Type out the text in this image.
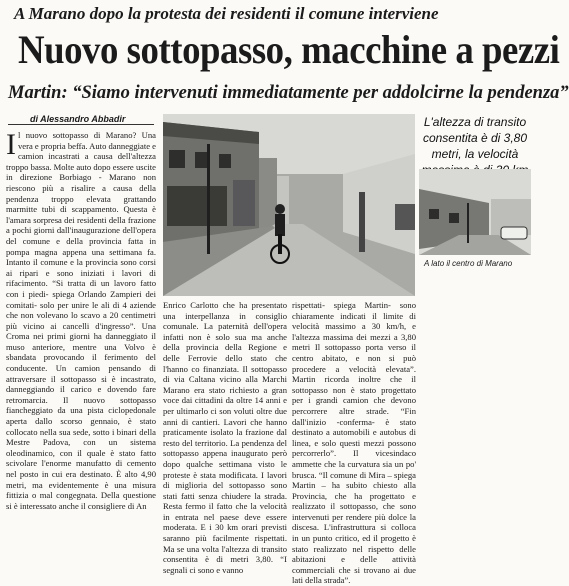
A Marano dopo la protesta dei residenti il comune interviene
Nuovo sottopasso, macchine a pezzi
Martin: “Siamo intervenuti immediatamente per addolcirne la pendenza”
di Alessandro Abbadir
I l nuovo sottopasso di Marano? Una vera e propria beffa. Auto danneggiate e camion incastrati a causa dell'altezza troppo bassa. Molte auto dopo essere uscite in direzione Borbiago - Marano non riescono più a risalire a causa della pendenza troppo elevata grattando marmitte tubi di scappamento. Questa è l'amara sorpresa dei residenti della frazione a pochi giorni dall'inaugurazione dell'opera del comune e della provincia fatta in pompa magna appena una settimana fa. Intanto il comune e la provincia sono corsi ai ripari e sono iniziati i lavori di rifacimento. “Si tratta di un lavoro fatto con i piedi- spiega Orlando Zampieri dei comitati- solo per unire le ali di 4 aziende che non volevano lo scavo a 20 centimetri più vicino ai cancelli d'ingresso”. Una Croma nei primi giorni ha danneggiato il muso anteriore, mentre una Volvo è sbandata provocando il ferimento del conducente. Un camion pensando di attraversare il sottopasso si è incastrato, danneggiando il carico e dovendo fare retromarcia. Il nuovo sottopasso fiancheggiato da una pista ciclopedonale aperta dallo scorso gennaio, è stato collocato nella sua sede, sotto i binari della Mestre Padova, con un sistema oleodinamico, con il quale è stato fatto scivolare l'enorme manufatto di cemento nel posto in cui era destinato. È alto 4,90 metri, ma evidentemente è una misura fittizia o mal congegnata. Della questione si è interessato anche il consigliere di An
L'altezza di transito consentita è di 3,80 metri, la velocità
A lato il centro di Marano

Enrico Carlotto che ha presentato una interpellanza in consiglio comunale. La paternità dell'opera infatti non è solo sua ma anche della provincia della Regione e delle Ferrovie dello stato che l'hanno co finanziata. Il sottopasso di via Caltana vicino alla Marchi Marano era stato richiesto a gran voce dai cittadini da oltre 14 anni e per ultimarlo ci son voluti oltre due anni di cantieri. Lavori che hanno praticamente isolato la frazione dal resto del territorio. La pendenza del sottopasso appena inaugurato però dopo qualche settimana visto le proteste è stata modificata. I lavori di miglioria del sottopasso sono stati fatti senza chiudere la strada. Resta fermo il fatto che la velocità in entrata nel paese deve essere moderata. E i 30 km orari previsti saranno più facilmente rispettati. Ma se una volta l'altezza di transito consentita è di metri 3,80. “I segnali ci sono e vanno

rispettati- spiega Martin- sono chiaramente indicati il limite di velocità massimo a 30 km/h, e l'altezza massima dei mezzi a 3,80 metri Il sottopasso porta verso il centro abitato, e non si può procedere a velocità elevata”. Martin ricorda inoltre che il sottopasso non è stato progettato per i grandi camion che devono percorrere altre strade. “Fin dall'inizio -conferma- è stato destinato a automobili e autobus di linea, e solo questi mezzi possono percorrerlo”. Il vicesindaco ammette che la curvatura sia un po' brusca. “Il comune di Mira – spiega Martin – ha subito chiesto alla Provincia, che ha progettato e realizzato il sottopasso, che sono intervenuti per rendere più dolce la discesa. L'infrastruttura si colloca in un punto critico, ed il progetto è stato realizzato nel rispetto delle abitazioni e delle attività commerciali che si trovano ai due lati della strada”.
